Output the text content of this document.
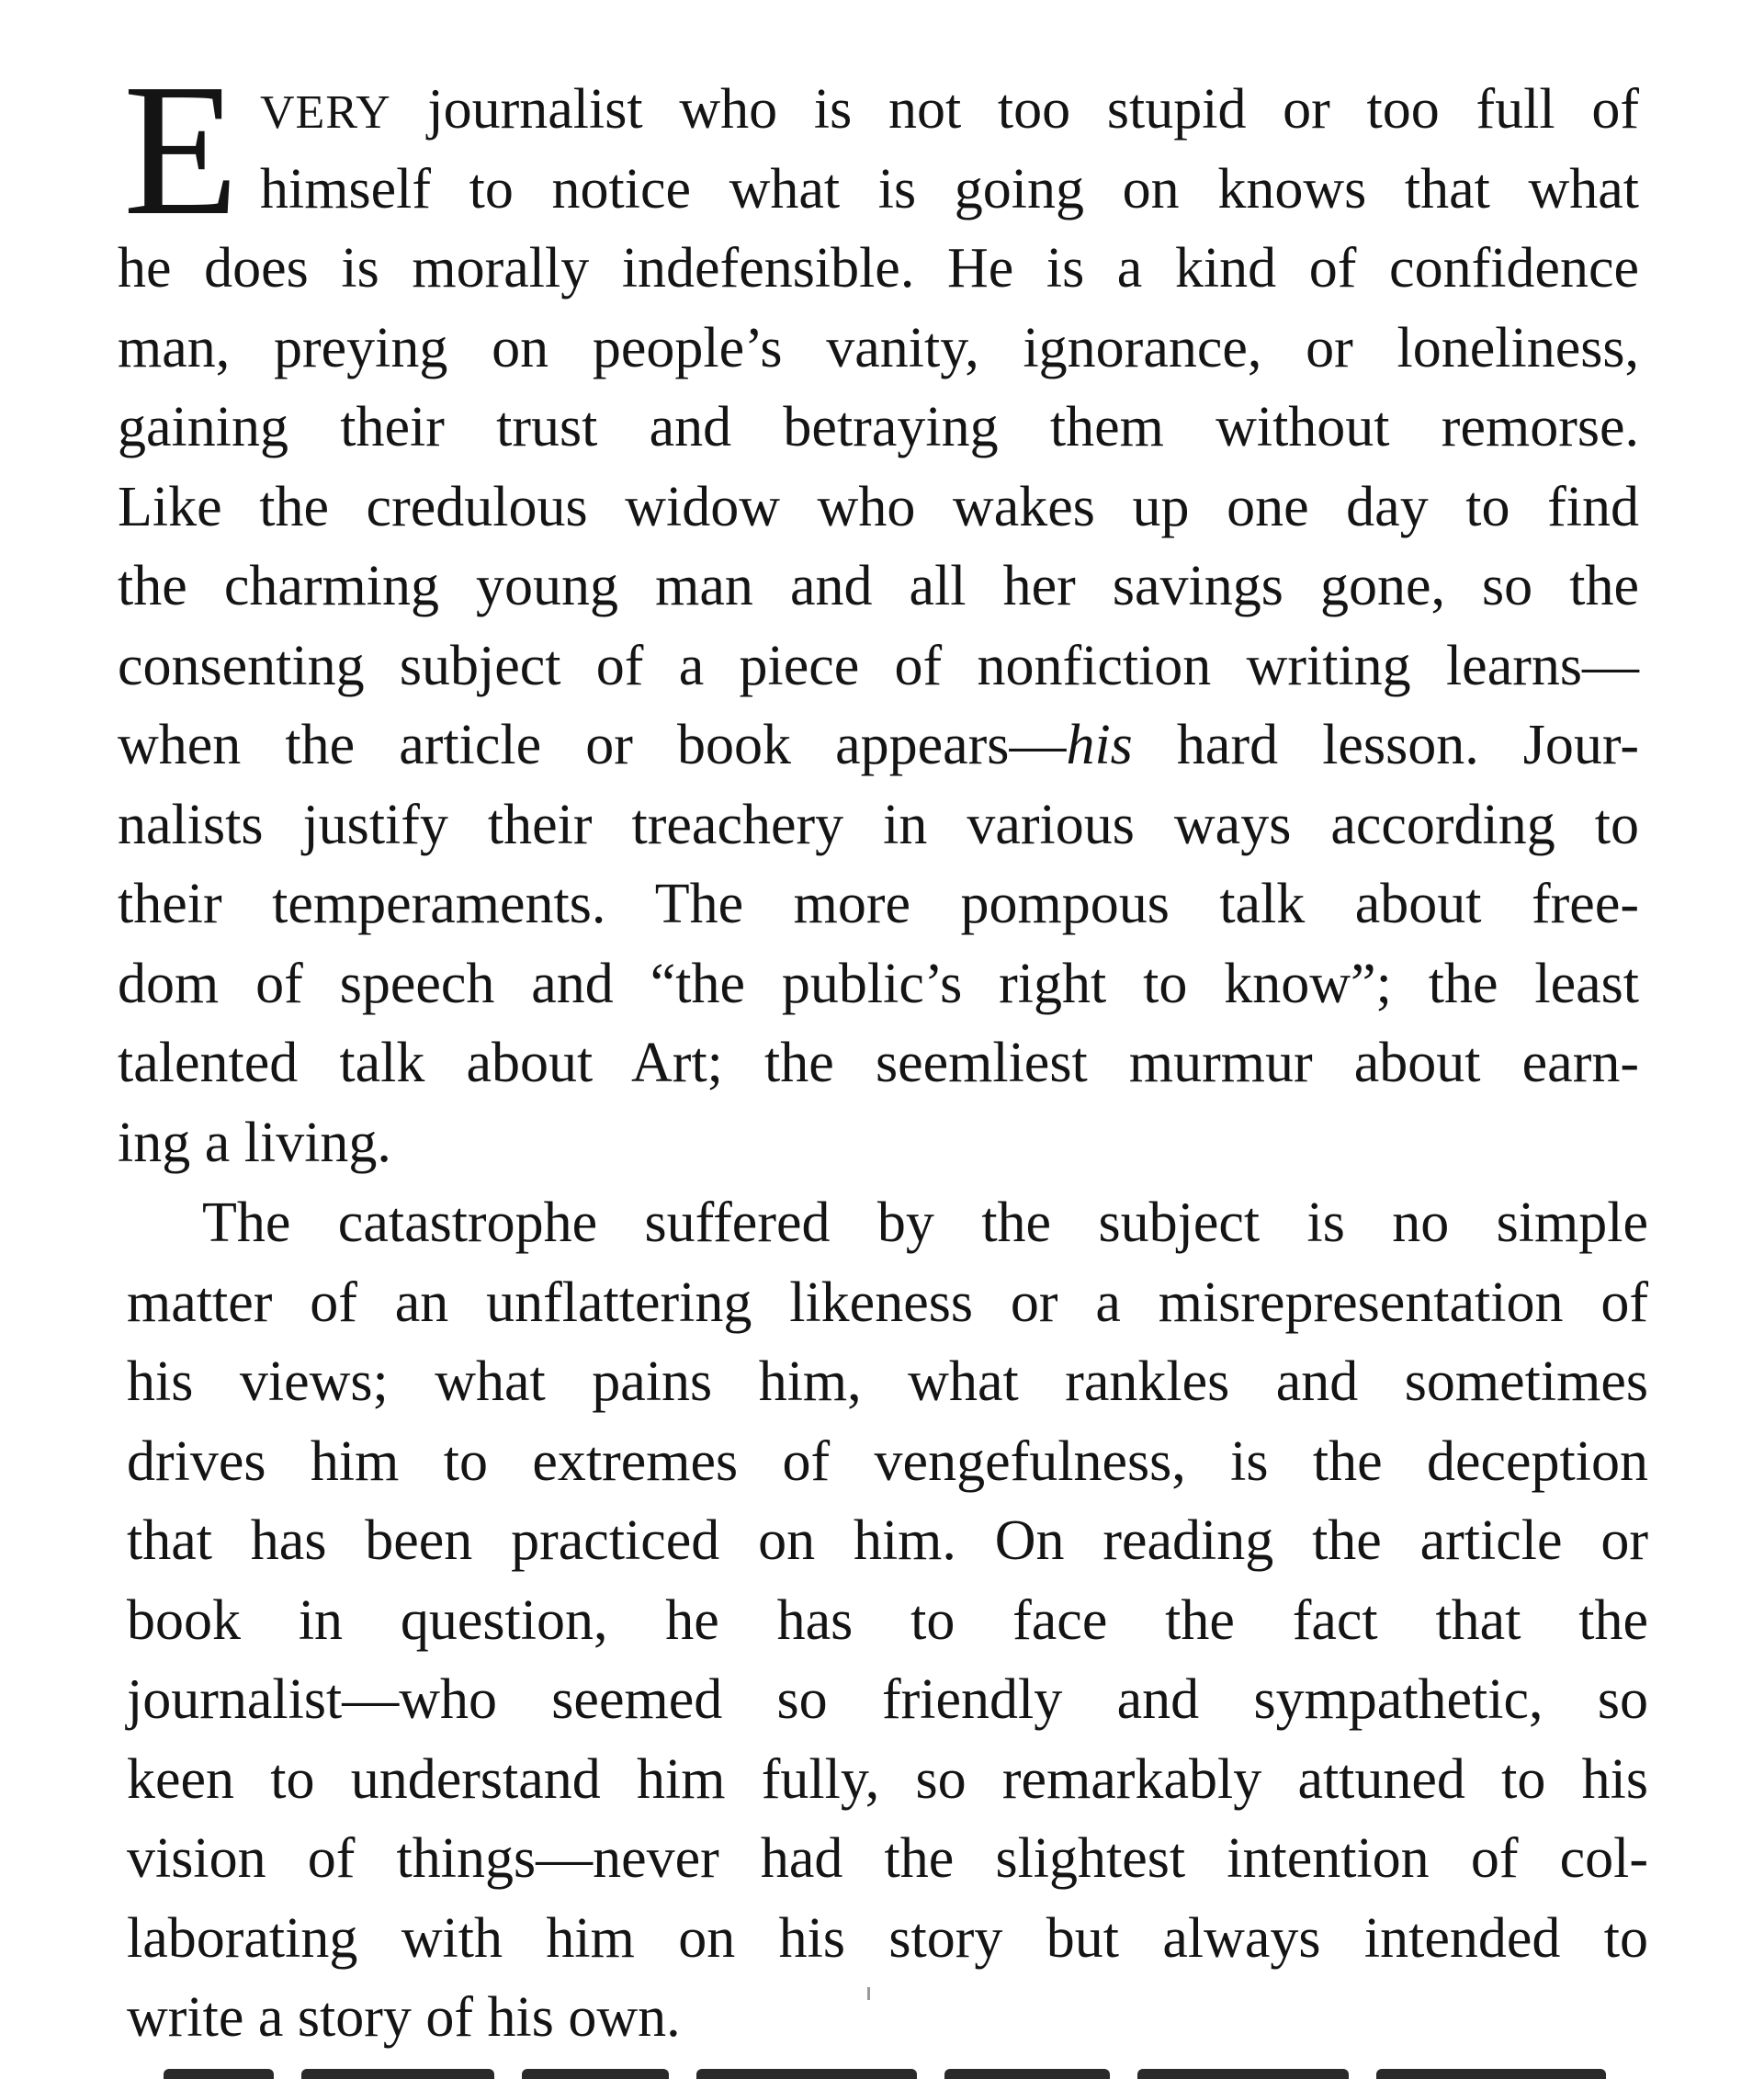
E VERY journalist who is not too stupid or too full of
himself to notice what is going on knows that what
he does is morally indefensible. He is a kind of confidence
man, preying on people’s vanity, ignorance, or loneliness,
gaining their trust and betraying them without remorse.
Like the credulous widow who wakes up one day to find
the charming young man and all her savings gone, so the
consenting subject of a piece of nonfiction writing learns—
when the article or book appears—his hard lesson. Jour-
nalists justify their treachery in various ways according to
their temperaments. The more pompous talk about free-
dom of speech and “the public’s right to know”; the least
talented talk about Art; the seemliest murmur about earn-
ing a living.
The catastrophe suffered by the subject is no simple
matter of an unflattering likeness or a misrepresentation of
his views; what pains him, what rankles and sometimes
drives him to extremes of vengefulness, is the deception
that has been practiced on him. On reading the article or
book in question, he has to face the fact that the
journalist—who seemed so friendly and sympathetic, so
keen to understand him fully, so remarkably attuned to his
vision of things—never had the slightest intention of col-
laborating with him on his story but always intended to
write a story of his own.
